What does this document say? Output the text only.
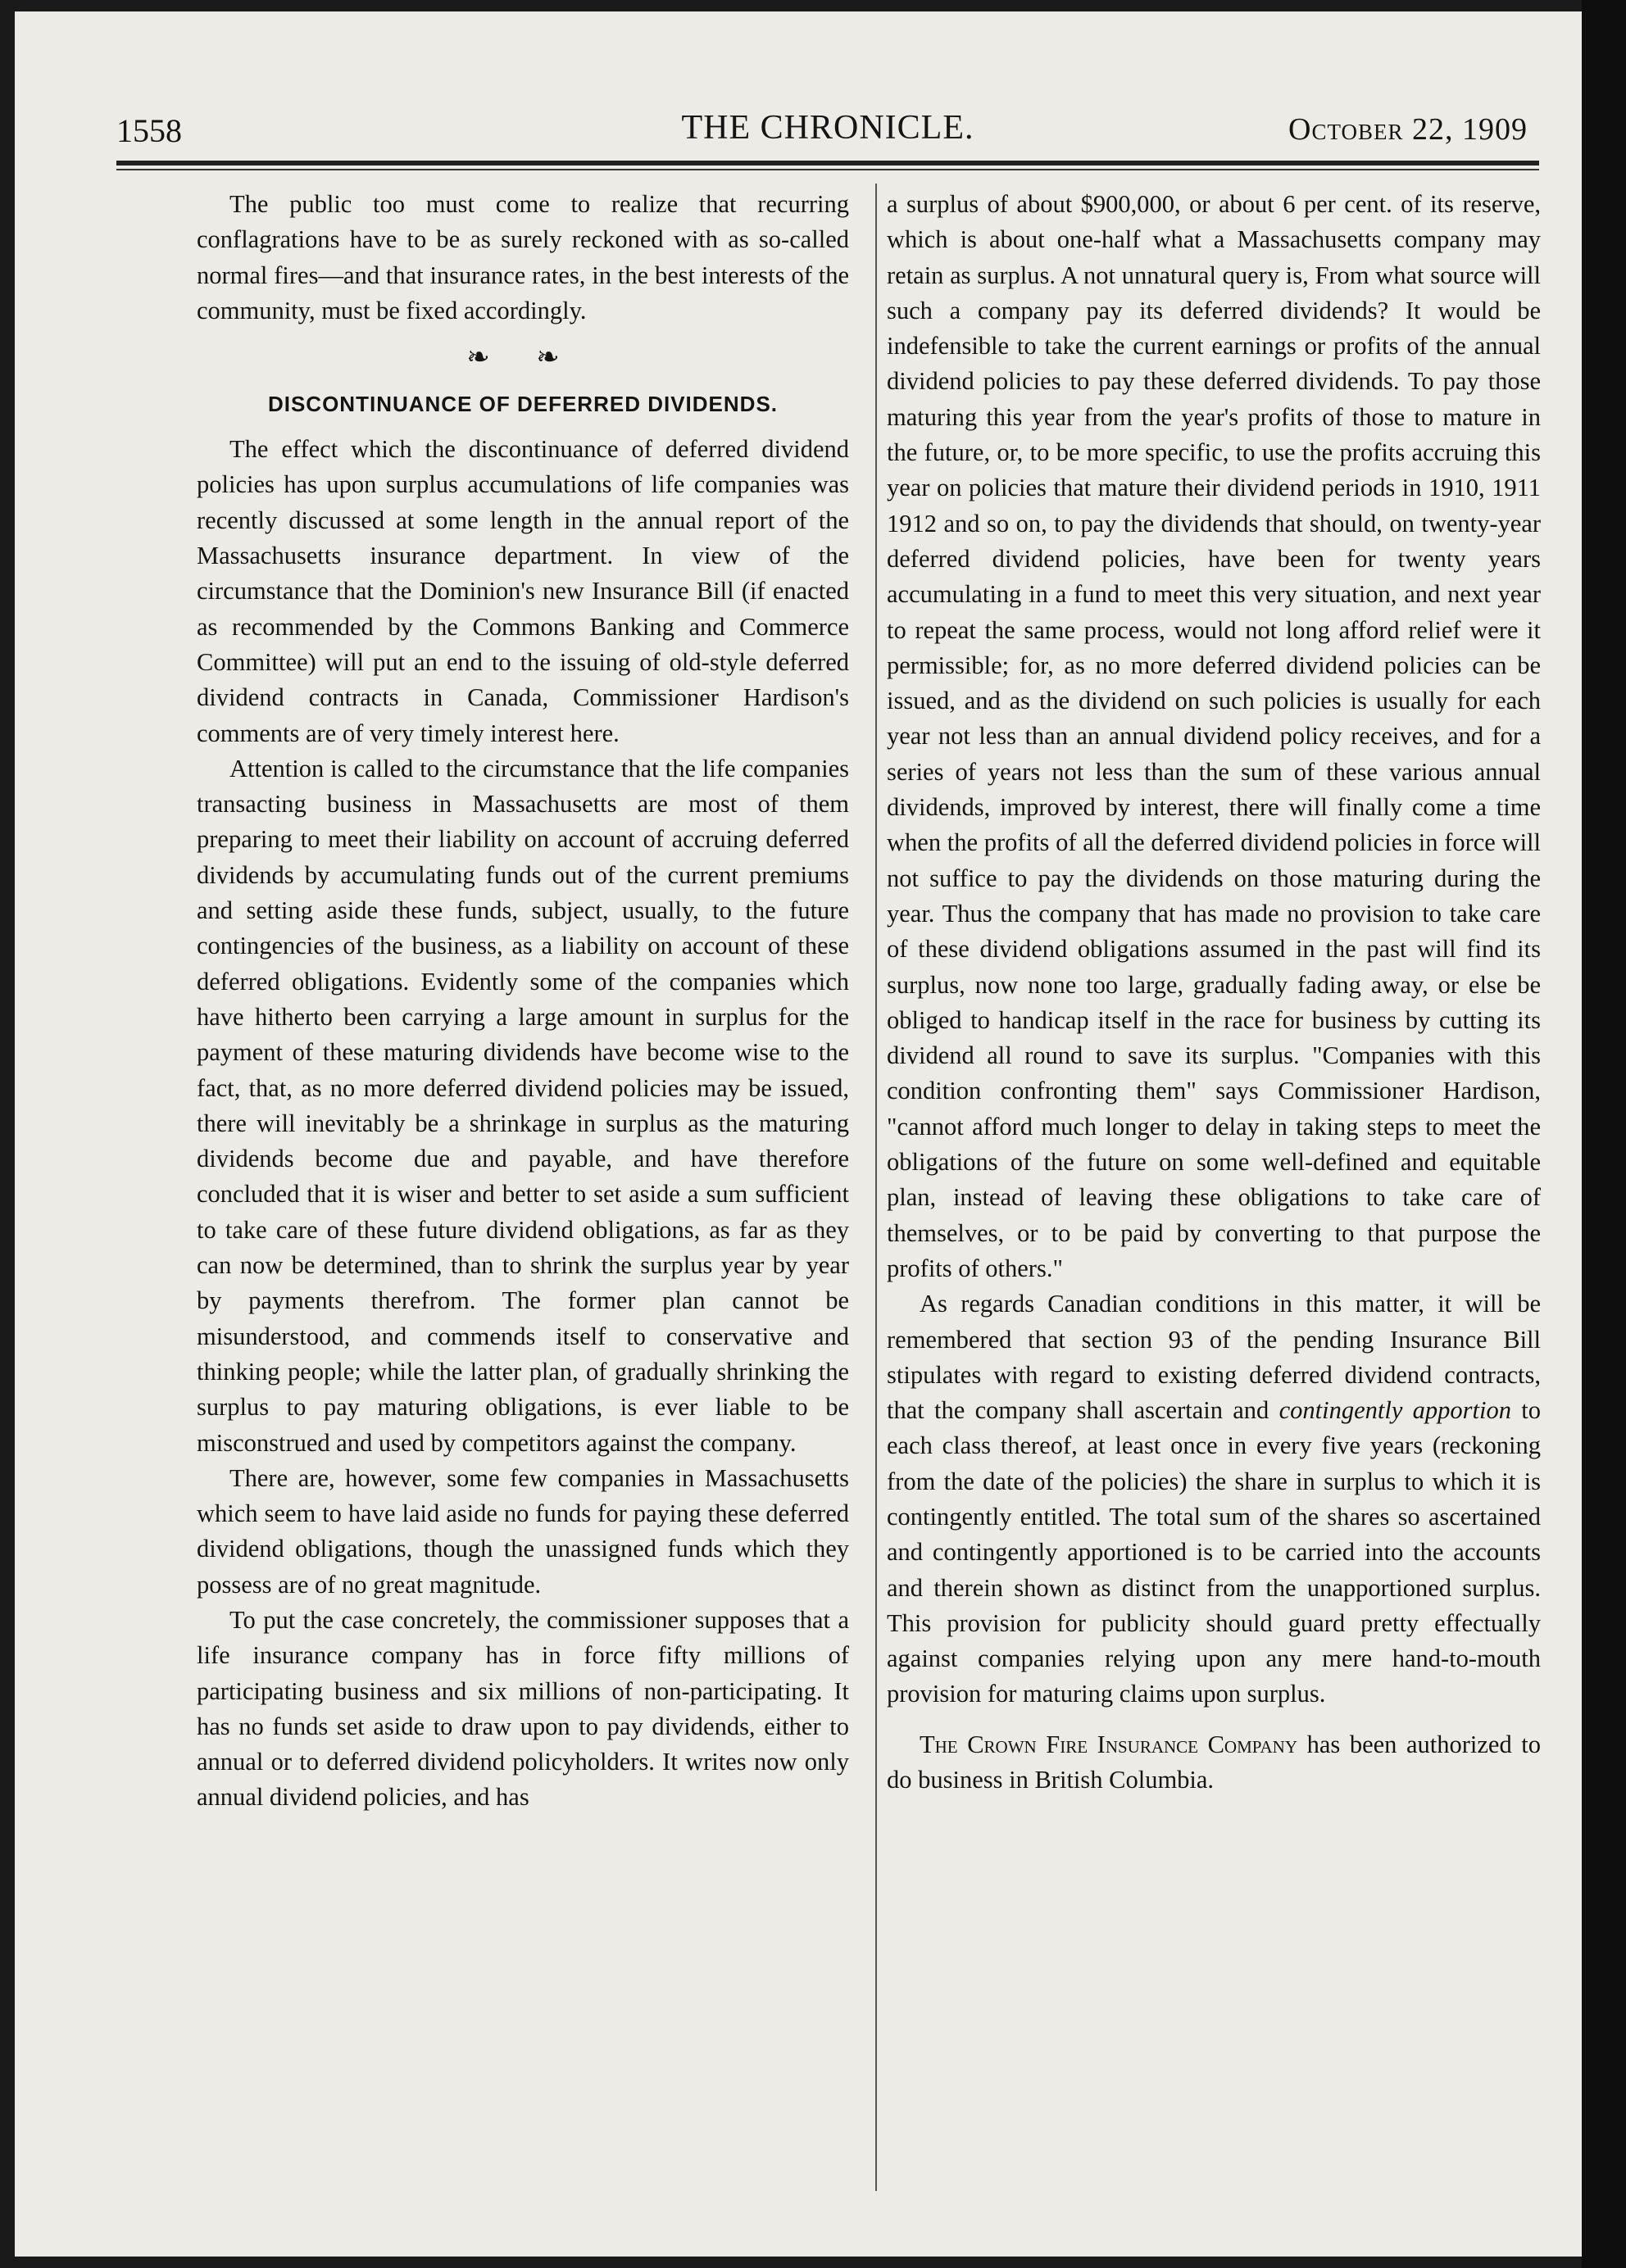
1558	THE CHRONICLE.	October 22, 1909

The public too must come to realize that recurring conflagrations have to be as surely reckoned with as so-called normal fires—and that insurance rates, in the best interests of the community, must be fixed accordingly.

❧ ❧
DISCONTINUANCE OF DEFERRED DIVIDENDS.

The effect which the discontinuance of deferred dividend policies has upon surplus accumulations of life companies was recently discussed at some length in the annual report of the Massachusetts insurance department. In view of the circumstance that the Dominion's new Insurance Bill (if enacted as recommended by the Commons Banking and Commerce Committee) will put an end to the issuing of old-style deferred dividend contracts in Canada, Commissioner Hardison's comments are of very timely interest here.

Attention is called to the circumstance that the life companies transacting business in Massachusetts are most of them preparing to meet their liability on account of accruing deferred dividends by accumulating funds out of the current premiums and setting aside these funds, subject, usually, to the future contingencies of the business, as a liability on account of these deferred obligations. Evidently some of the companies which have hitherto been carrying a large amount in surplus for the payment of these maturing dividends have become wise to the fact, that, as no more deferred dividend policies may be issued, there will inevitably be a shrinkage in surplus as the maturing dividends become due and payable, and have therefore concluded that it is wiser and better to set aside a sum sufficient to take care of these future dividend obligations, as far as they can now be determined, than to shrink the surplus year by year by payments therefrom. The former plan cannot be misunderstood, and commends itself to conservative and thinking people; while the latter plan, of gradually shrinking the surplus to pay maturing obligations, is ever liable to be misconstrued and used by competitors against the company.

There are, however, some few companies in Massachusetts which seem to have laid aside no funds for paying these deferred dividend obligations, though the unassigned funds which they possess are of no great magnitude.

To put the case concretely, the commissioner supposes that a life insurance company has in force fifty millions of participating business and six millions of non-participating. It has no funds set aside to draw upon to pay dividends, either to annual or to deferred dividend policyholders. It writes now only annual dividend policies, and has

a surplus of about $900,000, or about 6 per cent. of its reserve, which is about one-half what a Massachusetts company may retain as surplus. A not unnatural query is, From what source will such a company pay its deferred dividends? It would be indefensible to take the current earnings or profits of the annual dividend policies to pay these deferred dividends. To pay those maturing this year from the year's profits of those to mature in the future, or, to be more specific, to use the profits accruing this year on policies that mature their dividend periods in 1910, 1911 1912 and so on, to pay the dividends that should, on twenty-year deferred dividend policies, have been for twenty years accumulating in a fund to meet this very situation, and next year to repeat the same process, would not long afford relief were it permissible; for, as no more deferred dividend policies can be issued, and as the dividend on such policies is usually for each year not less than an annual dividend policy receives, and for a series of years not less than the sum of these various annual dividends, improved by interest, there will finally come a time when the profits of all the deferred dividend policies in force will not suffice to pay the dividends on those maturing during the year. Thus the company that has made no provision to take care of these dividend obligations assumed in the past will find its surplus, now none too large, gradually fading away, or else be obliged to handicap itself in the race for business by cutting its dividend all round to save its surplus. "Companies with this condition confronting them" says Commissioner Hardison, "cannot afford much longer to delay in taking steps to meet the obligations of the future on some well-defined and equitable plan, instead of leaving these obligations to take care of themselves, or to be paid by converting to that purpose the profits of others."

As regards Canadian conditions in this matter, it will be remembered that section 93 of the pending Insurance Bill stipulates with regard to existing deferred dividend contracts, that the company shall ascertain and contingently apportion to each class thereof, at least once in every five years (reckoning from the date of the policies) the share in surplus to which it is contingently entitled. The total sum of the shares so ascertained and contingently apportioned is to be carried into the accounts and therein shown as distinct from the unapportioned surplus. This provision for publicity should guard pretty effectually against companies relying upon any mere hand-to-mouth provision for maturing claims upon surplus.

The Crown Fire Insurance Company has been authorized to do business in British Columbia.
